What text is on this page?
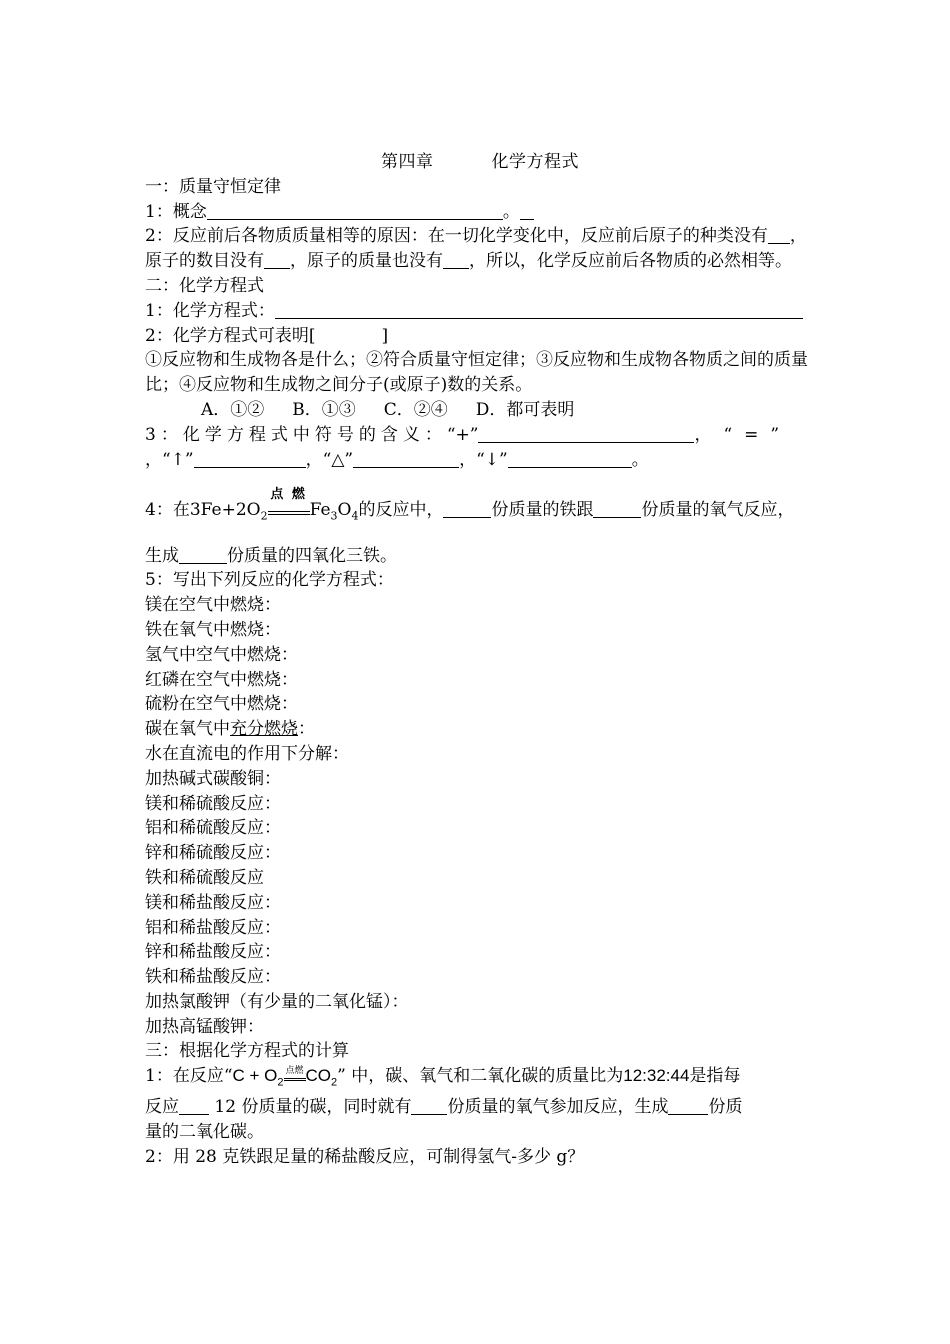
第四章	化学方程式
一：质量守恒定律
1：概念	。
2：反应前后各物质质量相等的原因：在一切化学变化中，反应前后原子的种类没有 ，原子的数目没有 ，原子的质量也没有 ，所以，化学反应前后各物质的必然相等。
二：化学方程式
1：化学方程式：
2：化学方程式可表明[	]
①反应物和生成物各是什么；②符合质量守恒定律；③反应物和生成物各物质之间的质量比；④反应物和生成物之间分子(或原子)数的关系。
A．①② B．①③ C．②④ D．都可表明
3：化学方程式中符号的含义：“+”	，“=”
，“↑”	，“△”	，“↓”	。
4：在$3Fe+2O_2$
点 燃
$Fe_3O_4$的反应中，	份质量的铁跟	份质量的氧气反应，
生成	份质量的四氧化三铁。
5：写出下列反应的化学方程式：
镁在空气中燃烧：
铁在氧气中燃烧：
氢气中空气中燃烧：
红磷在空气中燃烧：
硫粉在空气中燃烧：
碳在氧气中充分燃烧：
水在直流电的作用下分解：
加热碱式碳酸铜：
镁和稀硫酸反应：
铝和稀硫酸反应：
锌和稀硫酸反应：
铁和稀硫酸反应
镁和稀盐酸反应：
铝和稀盐酸反应：
锌和稀盐酸反应：
铁和稀盐酸反应：
加热氯酸钾（有少量的二氧化锰）：
加热高锰酸钾：
三：根据化学方程式的计算
1：在反应“$C + O_2$
点燃 $CO_2$” 中，碳、氧气和二氧化碳的质量比为12:32:44是指每
反应 12 份质量的碳，同时就有 份质量的氧气参加反应，生成 份质
量的二氧化碳。
2：用 28 克铁跟足量的稀盐酸反应，可制得氢气-多少 g？
